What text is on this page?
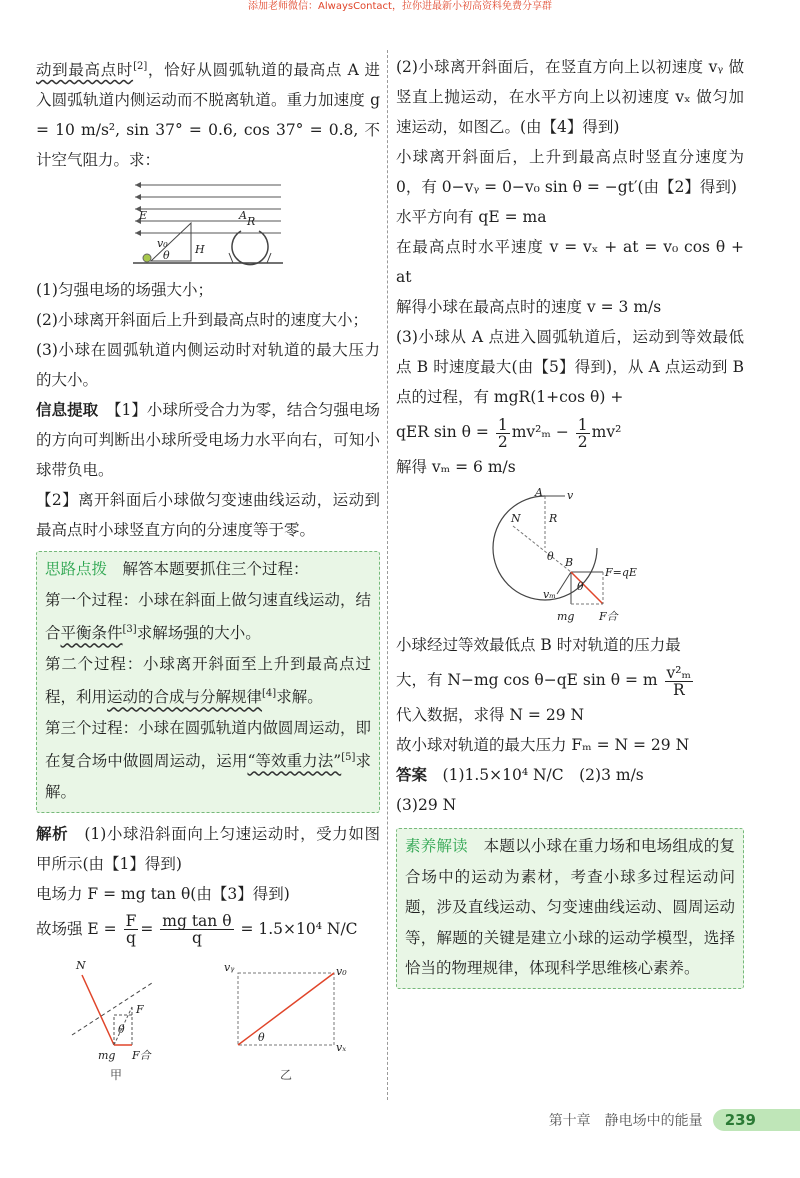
添加老师微信：AlwaysContact，拉你进最新小初高资料免费分享群

动到最高点时[2]，恰好从圆弧轨道的最高点 A 进入圆弧轨道内侧运动而不脱离轨道。重力加速度 g = 10 m/s², sin 37° = 0.6, cos 37° = 0.8, 不计空气阻力。求：

E	A R
v₀
θ H

(1)匀强电场的场强大小；

(2)小球离开斜面后上升到最高点时的速度大小；

(3)小球在圆弧轨道内侧运动时对轨道的最大压力的大小。

信息提取　 【1】小球所受合力为零，结合匀强电场的方向可判断出小球所受电场力水平向右，可知小球带负电。

【2】离开斜面后小球做匀变速曲线运动，运动到最高点时小球竖直方向的分速度等于零。

思路点拨　 解答本题要抓住三个过程：

第一个过程：小球在斜面上做匀速直线运动，结合平衡条件[3]求解场强的大小。

第二个过程：小球离开斜面至上升到最高点过程，利用运动的合成与分解规律[4]求解。

第三个过程：小球在圆弧轨道内做圆周运动，即在复合场中做圆周运动，运用“等效重力法”[5]求解。

解析　 (1)小球沿斜面向上匀速运动时，受力如图甲所示(由【1】得到)

电场力 F = mg tan θ(由【3】得到)

故场强 $E = \frac{F}{q} = \frac{\text{mg tan θ}}{q} = 1.5\times 10^4$ N/C

N
F
θ
mg F合
甲
vᵧ	v₀
θ
vₓ
乙

(2)小球离开斜面后，在竖直方向上以初速度 vᵧ 做竖直上抛运动，在水平方向上以初速度 vₓ 做匀加速运动，如图乙。(由【4】得到)

小球离开斜面后，上升到最高点时竖直分速度为0，有 0−vᵧ = 0−v₀ sin θ = −gt′(由【2】得到)

水平方向有 qE = ma

在最高点时水平速度 v = vₓ + at = v₀ cos θ + at

解得小球在最高点时的速度 v = 3 m/s

(3)小球从 A 点进入圆弧轨道后，运动到等效最低点 B 时速度最大(由【5】得到)，从 A 点运动到 B 点的过程，有 mgR(1+cos θ) +

qER $\sin \theta = \frac{1}{2} mv^2_m - \frac{1}{2} mv^2$

解得 vₘ = 6 m/s

A v
N	R
θ B
F=qE
vₘ
θ
mg F合

小球经过等效最低点 B 时对轨道的压力最

大，有 N−mg cos θ−qE sin θ = m $\frac{\text{v²ₘ}}{R}$

代入数据，求得 N = 29 N

故小球对轨道的最大压力 Fₘ = N = 29 N

答案　 (1)1.5×10⁴ N/C　(2)3 m/s

(3)29 N

素养解读　 本题以小球在重力场和电场组成的复合场中的运动为素材，考查小球多过程运动问题，涉及直线运动、匀变速曲线运动、圆周运动等，解题的关键是建立小球的运动学模型，选择恰当的物理规律，体现科学思维核心素养。

第十章　静电场中的能量	239
